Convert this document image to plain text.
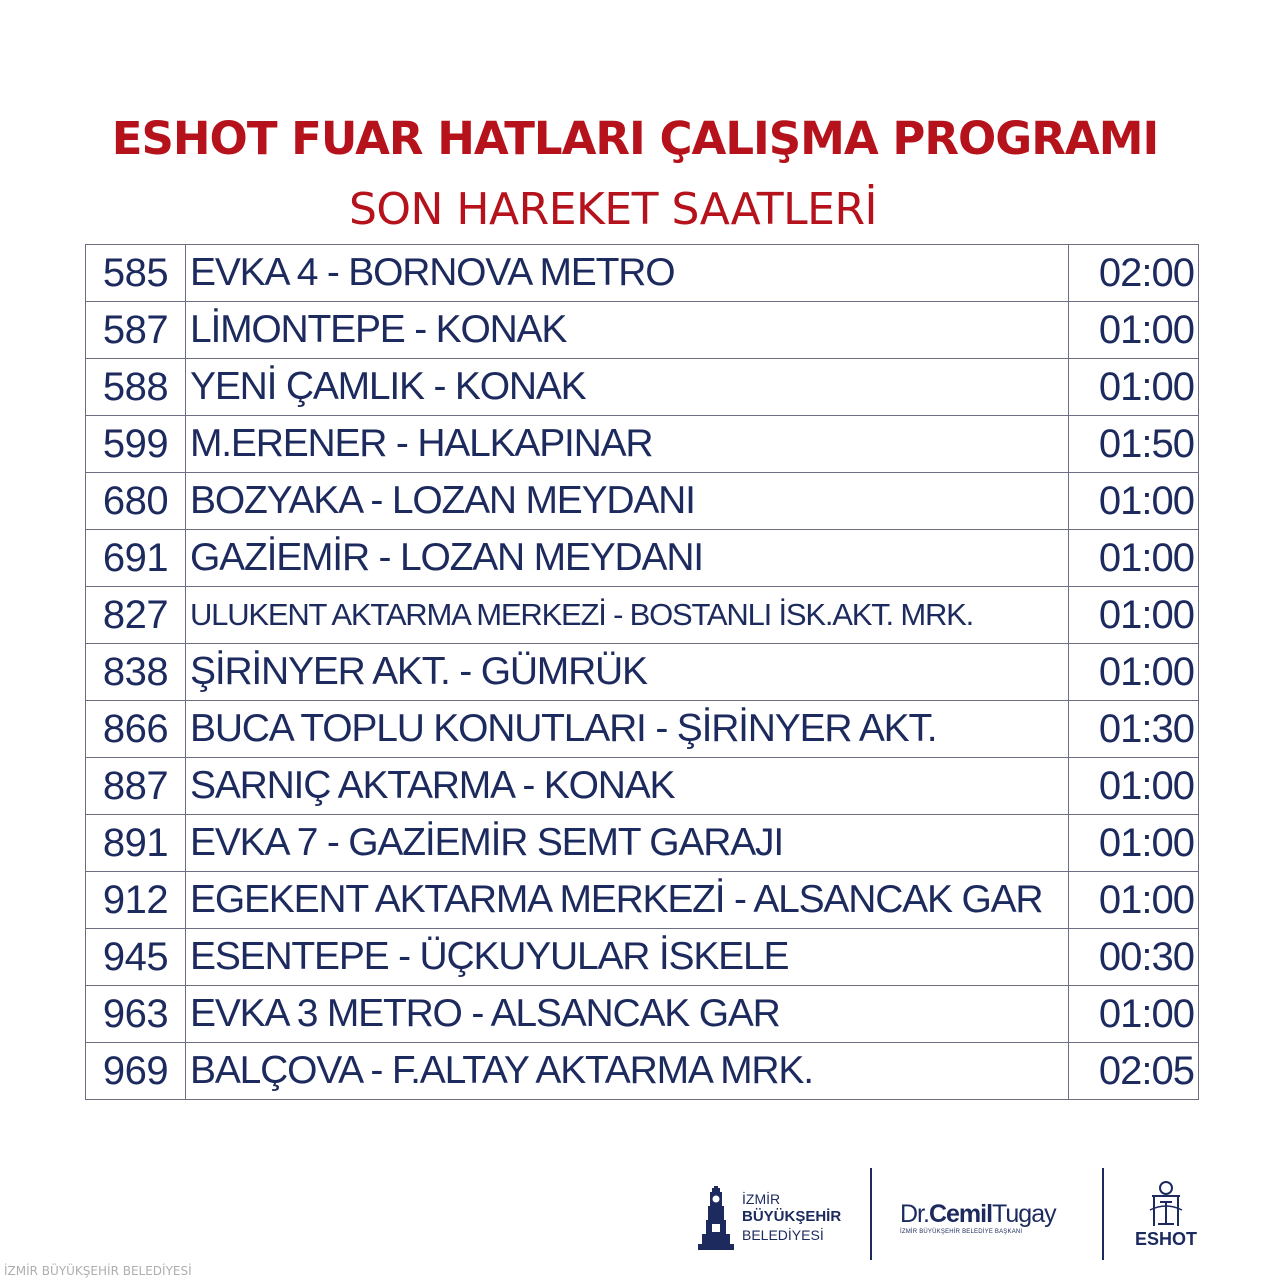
ESHOT FUAR HATLARI ÇALIŞMA PROGRAMI
SON HAREKET SAATLERİ
585	EVKA 4 - BORNOVA METRO	02:00
587	LİMONTEPE - KONAK	01:00
588	YENİ ÇAMLIK - KONAK	01:00
599	M.ERENER - HALKAPINAR	01:50
680	BOZYAKA - LOZAN MEYDANI	01:00
691	GAZİEMİR - LOZAN MEYDANI	01:00
827	ULUKENT AKTARMA MERKEZİ - BOSTANLI İSK.AKT. MRK.	01:00
838	ŞİRİNYER AKT. - GÜMRÜK	01:00
866	BUCA TOPLU KONUTLARI - ŞİRİNYER AKT.	01:30
887	SARNIÇ AKTARMA - KONAK	01:00
891	EVKA 7 - GAZİEMİR SEMT GARAJI	01:00
912	EGEKENT AKTARMA MERKEZİ - ALSANCAK GAR	01:00
945	ESENTEPE - ÜÇKUYULAR İSKELE	00:30
963	EVKA 3 METRO - ALSANCAK GAR	01:00
969	BALÇOVA - F.ALTAY AKTARMA MRK.	02:05
İZMİR
BÜYÜKŞEHİR
BELEDİYESİ
Dr.CemilTugay
İZMİR BÜYÜKŞEHİR BELEDİYE BAŞKANI	ESHOT
İZMİR BÜYÜKŞEHİR BELEDİYESİ
